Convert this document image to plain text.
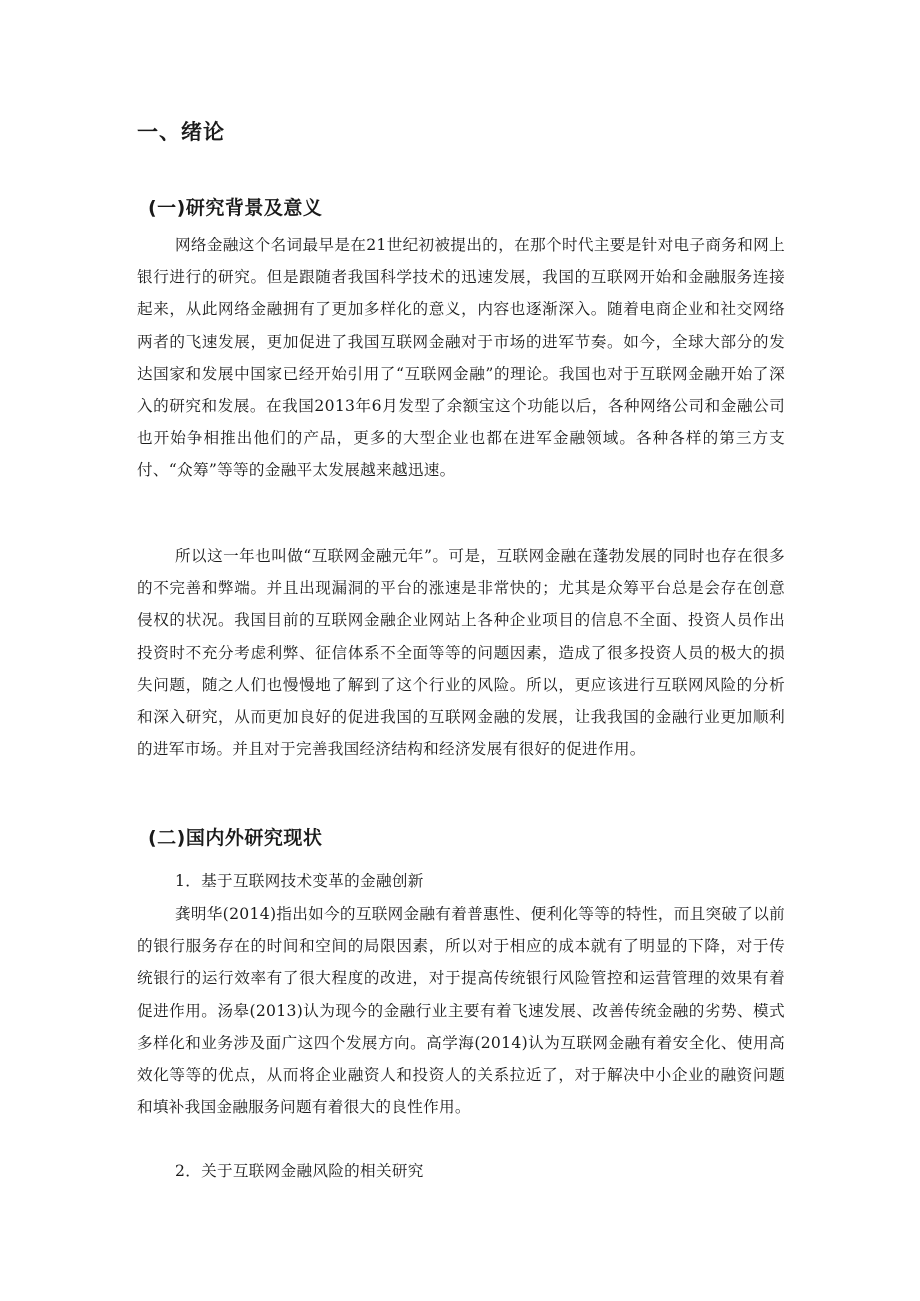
一、绪论
(一)研究背景及意义

网络金融这个名词最早是在21世纪初被提出的，在那个时代主要是针对电子商务和网上银行进行的研究。但是跟随者我国科学技术的迅速发展，我国的互联网开始和金融服务连接起来，从此网络金融拥有了更加多样化的意义，内容也逐渐深入。随着电商企业和社交网络两者的飞速发展，更加促进了我国互联网金融对于市场的进军节奏。如今，全球大部分的发达国家和发展中国家已经开始引用了“互联网金融”的理论。我国也对于互联网金融开始了深入的研究和发展。在我国2013年6月发型了余额宝这个功能以后，各种网络公司和金融公司也开始争相推出他们的产品，更多的大型企业也都在进军金融领域。各种各样的第三方支付、“众筹”等等的金融平太发展越来越迅速。

所以这一年也叫做“互联网金融元年”。可是，互联网金融在蓬勃发展的同时也存在很多的不完善和弊端。并且出现漏洞的平台的涨速是非常快的；尤其是众筹平台总是会存在创意侵权的状况。我国目前的互联网金融企业网站上各种企业项目的信息不全面、投资人员作出投资时不充分考虑利弊、征信体系不全面等等的问题因素，造成了很多投资人员的极大的损失问题，随之人们也慢慢地了解到了这个行业的风险。所以，更应该进行互联网风险的分析和深入研究，从而更加良好的促进我国的互联网金融的发展，让我我国的金融行业更加顺利的进军市场。并且对于完善我国经济结构和经济发展有很好的促进作用。

(二)国内外研究现状

1．基于互联网技术变革的金融创新

龚明华(2014)指出如今的互联网金融有着普惠性、便利化等等的特性，而且突破了以前的银行服务存在的时间和空间的局限因素，所以对于相应的成本就有了明显的下降，对于传统银行的运行效率有了很大程度的改进，对于提高传统银行风险管控和运营管理的效果有着促进作用。汤皋(2013)认为现今的金融行业主要有着飞速发展、改善传统金融的劣势、模式多样化和业务涉及面广这四个发展方向。高学海(2014)认为互联网金融有着安全化、使用高效化等等的优点，从而将企业融资人和投资人的关系拉近了，对于解决中小企业的融资问题和填补我国金融服务问题有着很大的良性作用。

2．关于互联网金融风险的相关研究
